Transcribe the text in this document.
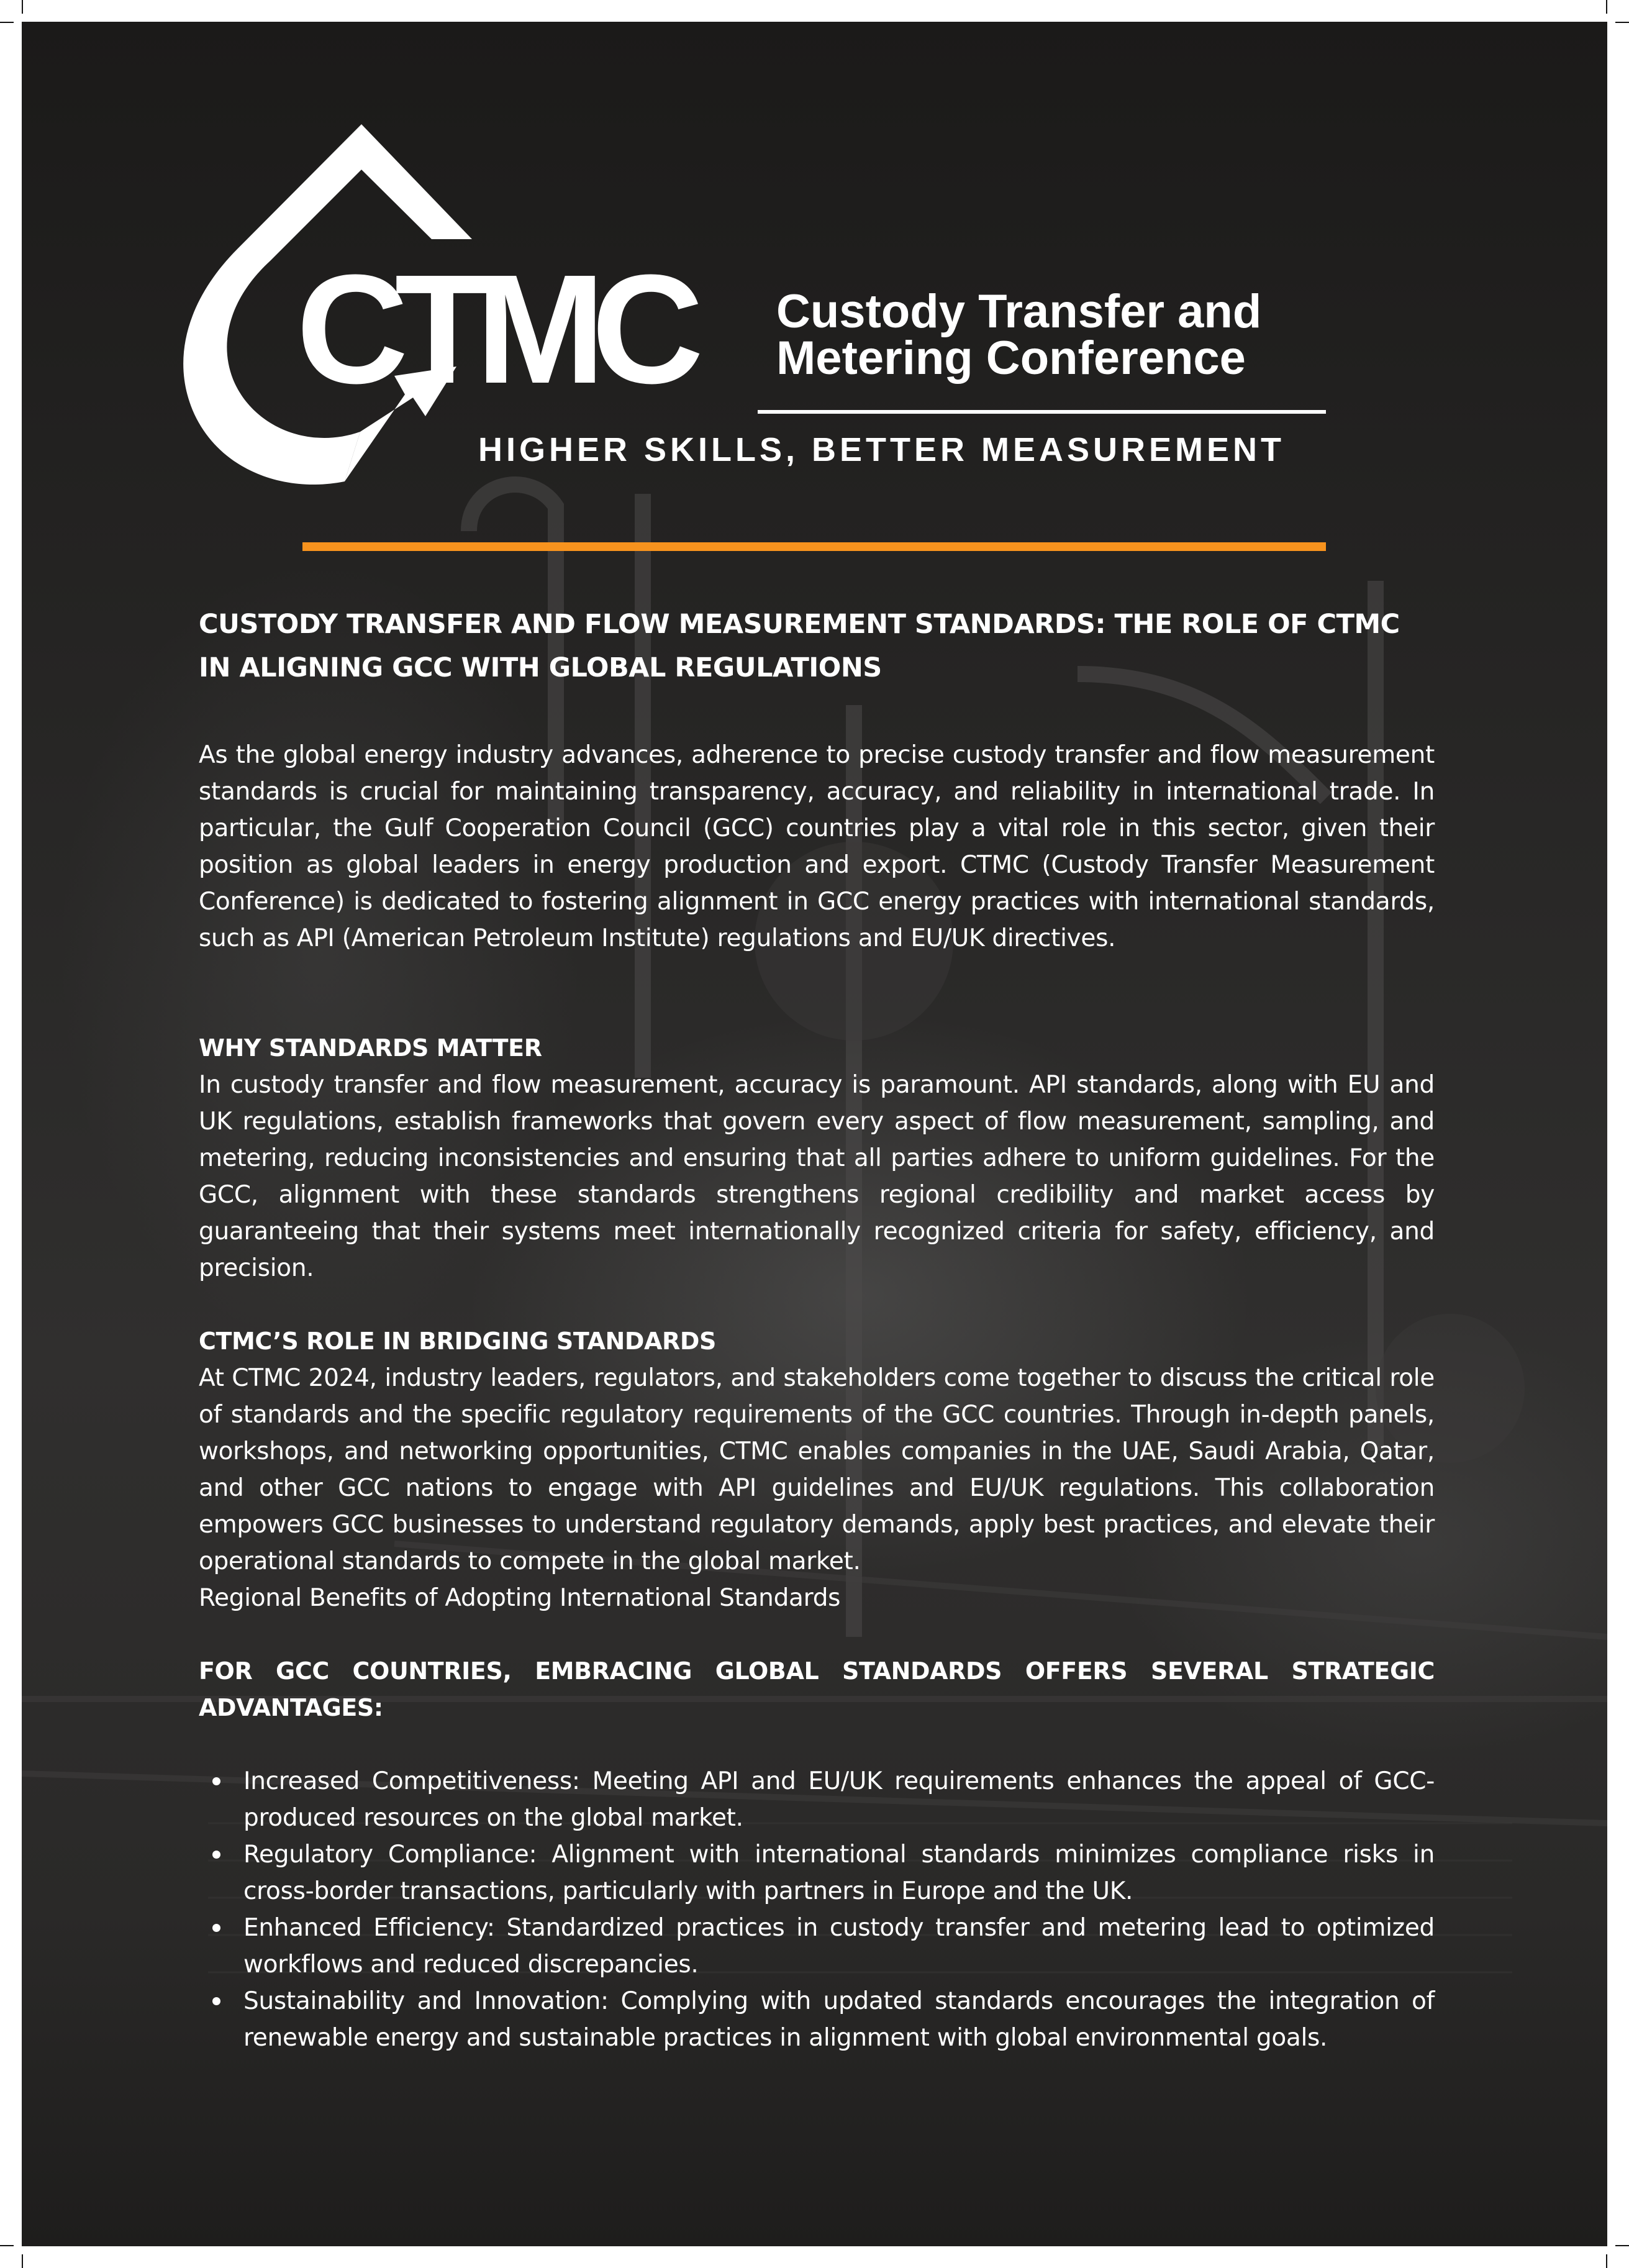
CTMC Custody Transfer and
Metering Conference
HIGHER SKILLS, BETTER MEASUREMENT
CUSTODY TRANSFER AND FLOW MEASUREMENT STANDARDS: THE ROLE OF CTMC IN ALIGNING GCC WITH GLOBAL REGULATIONS

As the global energy industry advances, adherence to precise custody transfer and flow measurement standards is crucial for maintaining transparency, accuracy, and reliability in international trade. In particular, the Gulf Cooperation Council (GCC) countries play a vital role in this sector, given their position as global leaders in energy production and export. CTMC (Custody Transfer Measurement Conference) is dedicated to fostering alignment in GCC energy practices with international standards, such as API (American Petroleum Institute) regulations and EU/UK directives.

WHY STANDARDS MATTER

In custody transfer and flow measurement, accuracy is paramount. API standards, along with EU and UK regulations, establish frameworks that govern every aspect of flow measurement, sampling, and metering, reducing inconsistencies and ensuring that all parties adhere to uniform guidelines. For the GCC, alignment with these standards strengthens regional credibility and market access by guaranteeing that their systems meet internationally recognized criteria for safety, efficiency, and precision.

CTMC’S ROLE IN BRIDGING STANDARDS

At CTMC 2024, industry leaders, regulators, and stakeholders come together to discuss the critical role of standards and the specific regulatory requirements of the GCC countries. Through in-depth panels, workshops, and networking opportunities, CTMC enables companies in the UAE, Saudi Arabia, Qatar, and other GCC nations to engage with API guidelines and EU/UK regulations. This collaboration empowers GCC businesses to understand regulatory demands, apply best practices, and elevate their operational standards to compete in the global market.

Regional Benefits of Adopting International Standards

FOR GCC COUNTRIES, EMBRACING GLOBAL STANDARDS OFFERS SEVERAL STRATEGIC ADVANTAGES:
Increased Competitiveness: Meeting API and EU/UK requirements enhances the appeal of GCC-produced resources on the global market.
Regulatory Compliance: Alignment with international standards minimizes compliance risks in cross-border transactions, particularly with partners in Europe and the UK.
Enhanced Efficiency: Standardized practices in custody transfer and metering lead to optimized workflows and reduced discrepancies.
Sustainability and Innovation: Complying with updated standards encourages the integration of renewable energy and sustainable practices in alignment with global environmental goals.
